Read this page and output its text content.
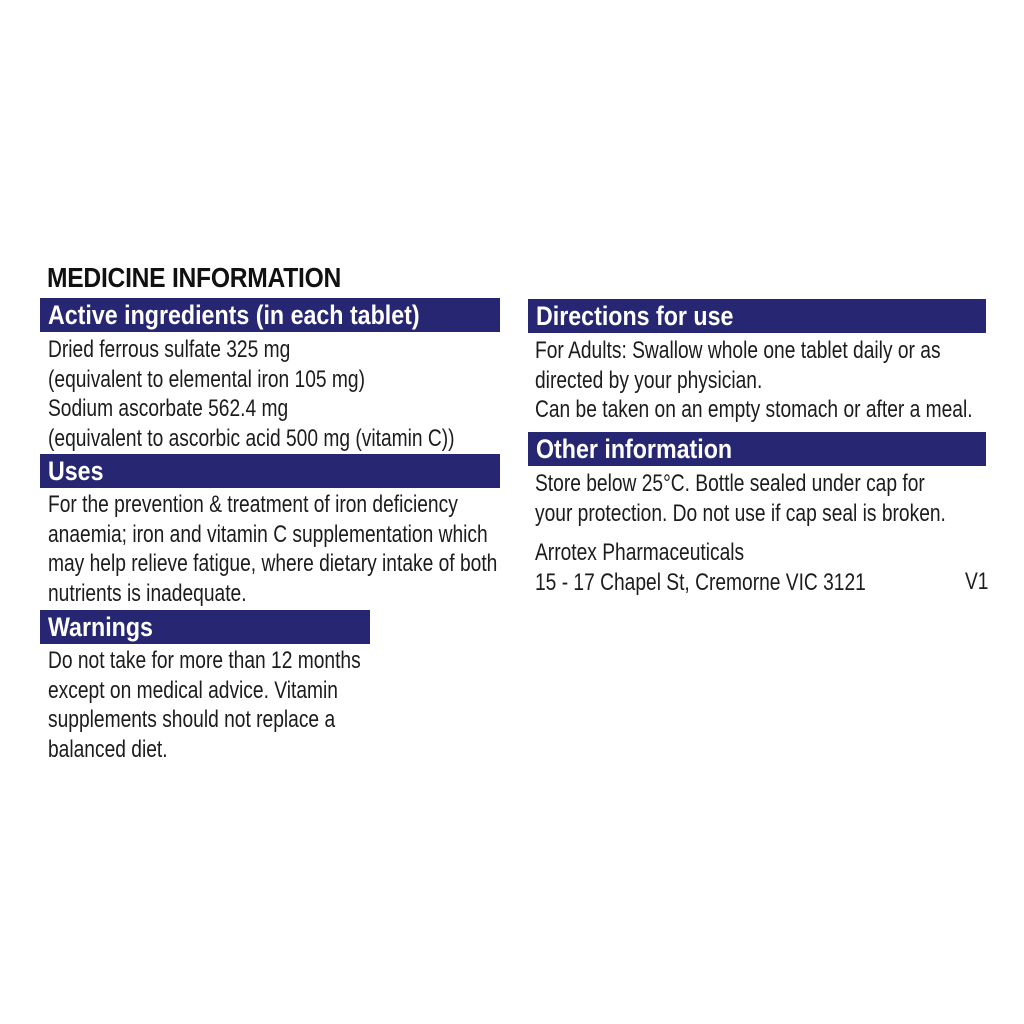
MEDICINE INFORMATION
Active ingredients (in each tablet)
Dried ferrous sulfate 325 mg
(equivalent to elemental iron 105 mg)
Sodium ascorbate 562.4 mg
(equivalent to ascorbic acid 500 mg (vitamin C))
Uses
For the prevention & treatment of iron deficiency
anaemia; iron and vitamin C supplementation which
may help relieve fatigue, where dietary intake of both
nutrients is inadequate.
Warnings
Do not take for more than 12 months
except on medical advice. Vitamin
supplements should not replace a
balanced diet.
Directions for use
For Adults: Swallow whole one tablet daily or as
directed by your physician.
Can be taken on an empty stomach or after a meal.
Other information
Store below 25°C. Bottle sealed under cap for
your protection. Do not use if cap seal is broken.
Arrotex Pharmaceuticals
15 - 17 Chapel St, Cremorne VIC 3121	V1
